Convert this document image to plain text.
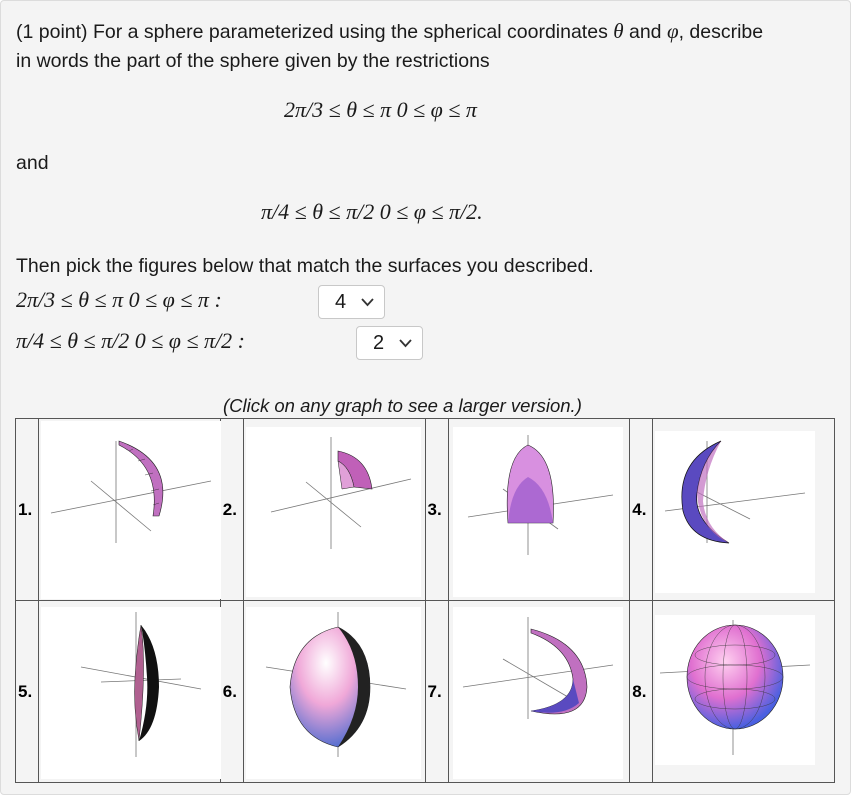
(1 point) For a sphere parameterized using the spherical coordinates θ and φ, describe
in words the part of the sphere given by the restrictions
2π/3 ≤ θ ≤ π 0 ≤ φ ≤ π
and
π/4 ≤ θ ≤ π/2 0 ≤ φ ≤ π/2.
Then pick the figures below that match the surfaces you described.
2π/3 ≤ θ ≤ π 0 ≤ φ ≤ π :	4
π/4 ≤ θ ≤ π/2 0 ≤ φ ≤ π/2 :	2
(Click on any graph to see a larger version.)
1.		2.		3.		4.	

5.		6.		7.		8.	
